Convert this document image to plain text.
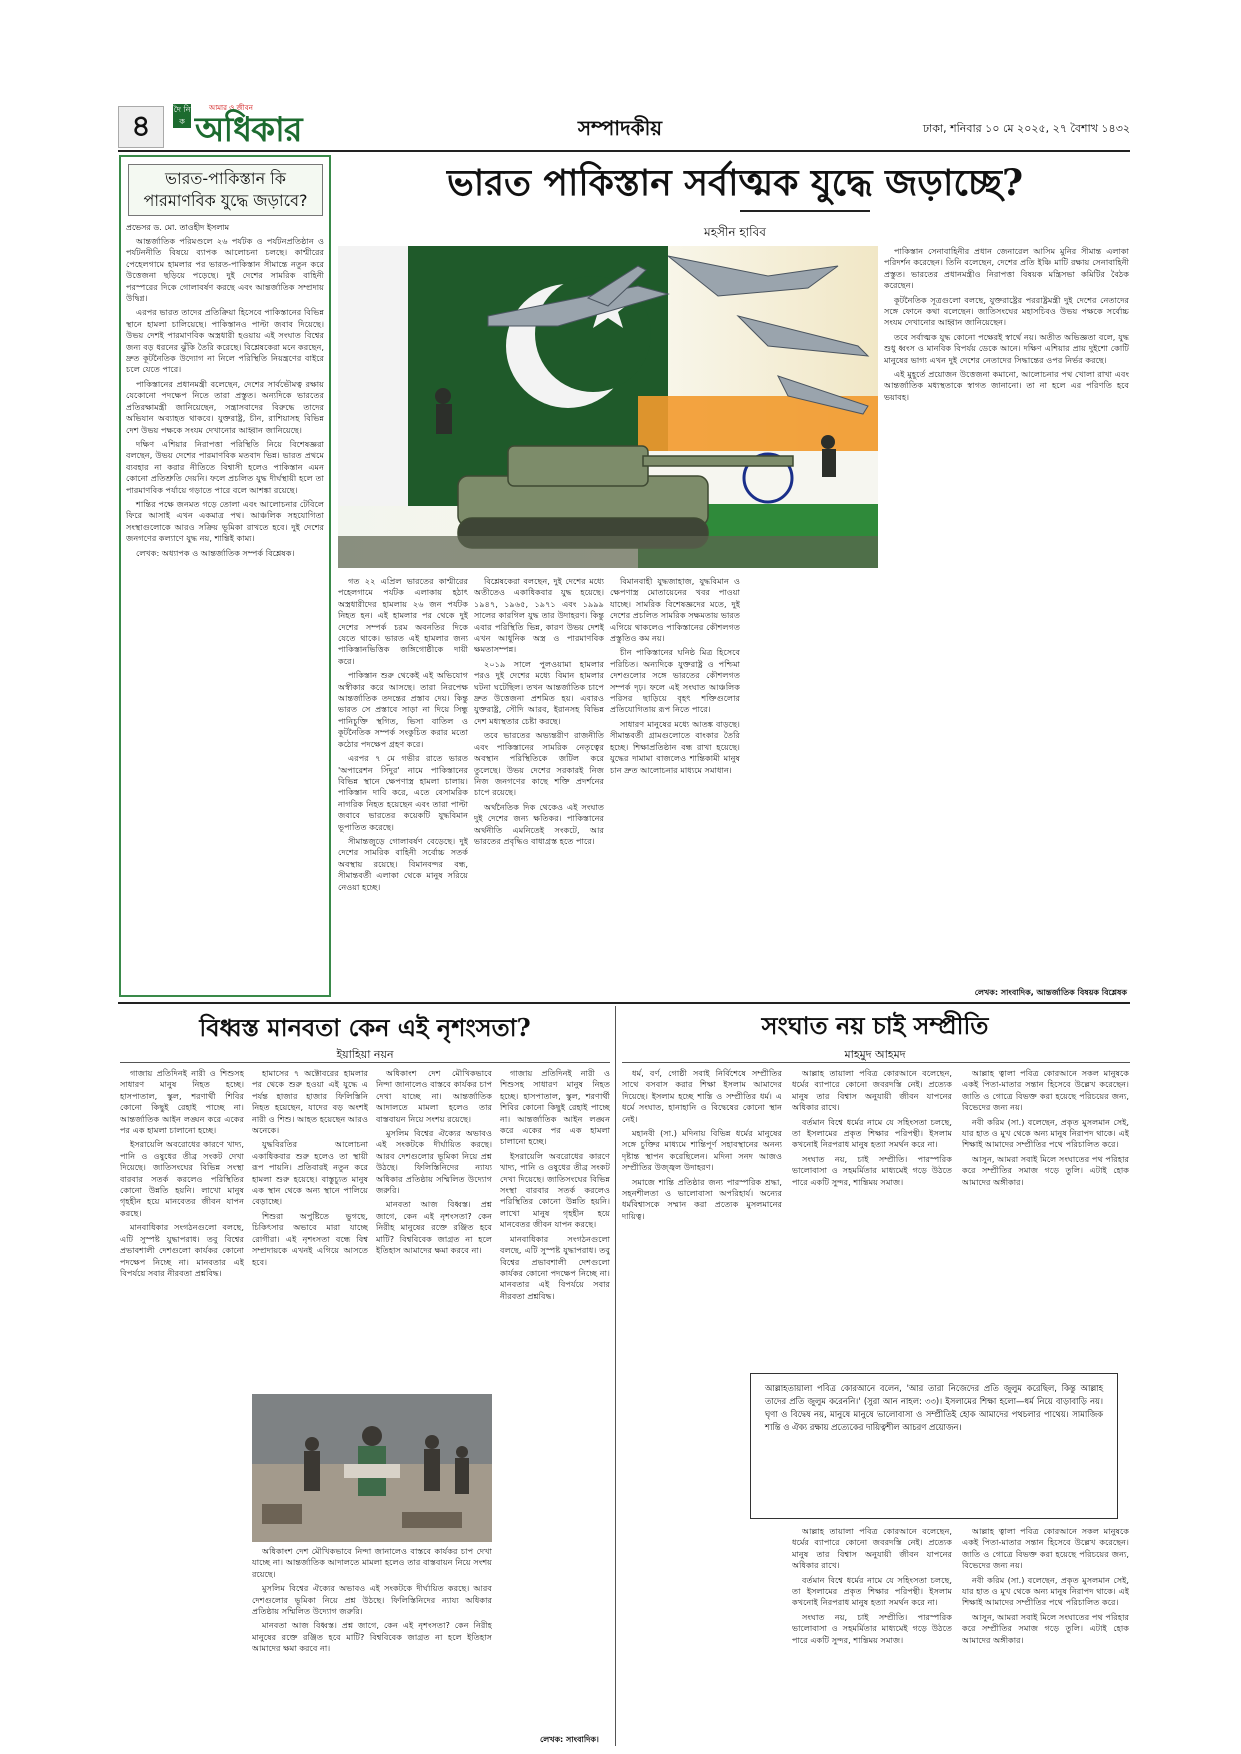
৪	দৈ নি ক
আমার ও জীবন
অধিকার	সম্পাদকীয়	ঢাকা, শনিবার ১০ মে ২০২৫, ২৭ বৈশাখ ১৪৩২
ভারত-পাকিস্তান কি
পারমাণবিক যুদ্ধে জড়াবে?
প্রভেসর ড. মো. তাওহীদ ইসলাম

আন্তর্জাতিক পরিমণ্ডলে ২৬ পর্যটক ও পর্যটনপ্রতিষ্ঠান ও পর্যটননীতি বিষয়ে ব্যাপক আলোচনা চলছে। কাশ্মীরের পেহেলগামে হামলার পর ভারত-পাকিস্তান সীমান্তে নতুন করে উত্তেজনা ছড়িয়ে পড়েছে। দুই দেশের সামরিক বাহিনী পরস্পরের দিকে গোলাবর্ষণ করছে এবং আন্তর্জাতিক সম্প্রদায় উদ্বিগ্ন।

এরপর ভারত তাদের প্রতিক্রিয়া হিসেবে পাকিস্তানের বিভিন্ন স্থানে হামলা চালিয়েছে। পাকিস্তানও পাল্টা জবাব দিয়েছে। উভয় দেশই পারমাণবিক অস্ত্রধারী হওয়ায় এই সংঘাত বিশ্বের জন্য বড় ধরনের ঝুঁকি তৈরি করেছে। বিশ্লেষকেরা মনে করছেন, দ্রুত কূটনৈতিক উদ্যোগ না নিলে পরিস্থিতি নিয়ন্ত্রণের বাইরে চলে যেতে পারে।

পাকিস্তানের প্রধানমন্ত্রী বলেছেন, দেশের সার্বভৌমত্ব রক্ষায় যেকোনো পদক্ষেপ নিতে তারা প্রস্তুত। অন্যদিকে ভারতের প্রতিরক্ষামন্ত্রী জানিয়েছেন, সন্ত্রাসবাদের বিরুদ্ধে তাদের অভিযান অব্যাহত থাকবে। যুক্তরাষ্ট্র, চীন, রাশিয়াসহ বিভিন্ন দেশ উভয় পক্ষকে সংযম দেখানোর আহ্বান জানিয়েছে।

দক্ষিণ এশিয়ার নিরাপত্তা পরিস্থিতি নিয়ে বিশেষজ্ঞরা বলছেন, উভয় দেশের পারমাণবিক মতবাদ ভিন্ন। ভারত প্রথমে ব্যবহার না করার নীতিতে বিশ্বাসী হলেও পাকিস্তান এমন কোনো প্রতিশ্রুতি দেয়নি। ফলে প্রচলিত যুদ্ধ দীর্ঘস্থায়ী হলে তা পারমাণবিক পর্যায়ে গড়াতে পারে বলে আশঙ্কা রয়েছে।

শান্তির পক্ষে জনমত গড়ে তোলা এবং আলোচনার টেবিলে ফিরে আসাই এখন একমাত্র পথ। আঞ্চলিক সহযোগিতা সংস্থাগুলোকে আরও সক্রিয় ভূমিকা রাখতে হবে। দুই দেশের জনগণের কল্যাণে যুদ্ধ নয়, শান্তিই কাম্য।

লেখক: অধ্যাপক ও আন্তর্জাতিক সম্পর্ক বিশ্লেষক।

ভারত পাকিস্তান সর্বাত্মক যুদ্ধে জড়াচ্ছে?
মহসীন হাবিব

গত ২২ এপ্রিল ভারতের কাশ্মীরের পহেলগামে পর্যটক এলাকায় হঠাৎ অস্ত্রধারীদের হামলায় ২৬ জন পর্যটক নিহত হন। এই হামলার পর থেকে দুই দেশের সম্পর্ক চরম অবনতির দিকে যেতে থাকে। ভারত এই হামলার জন্য পাকিস্তানভিত্তিক জঙ্গিগোষ্ঠীকে দায়ী করে।

পাকিস্তান শুরু থেকেই এই অভিযোগ অস্বীকার করে আসছে। তারা নিরপেক্ষ আন্তর্জাতিক তদন্তের প্রস্তাব দেয়। কিন্তু ভারত সে প্রস্তাবে সাড়া না দিয়ে সিন্ধু পানিচুক্তি স্থগিত, ভিসা বাতিল ও কূটনৈতিক সম্পর্ক সংকুচিত করার মতো কঠোর পদক্ষেপ গ্রহণ করে।

এরপর ৭ মে গভীর রাতে ভারত 'অপারেশন সিঁদুর' নামে পাকিস্তানের বিভিন্ন স্থানে ক্ষেপণাস্ত্র হামলা চালায়। পাকিস্তান দাবি করে, এতে বেসামরিক নাগরিক নিহত হয়েছেন এবং তারা পাল্টা জবাবে ভারতের কয়েকটি যুদ্ধবিমান ভূপাতিত করেছে।

সীমান্তজুড়ে গোলাবর্ষণ বেড়েছে। দুই দেশের সামরিক বাহিনী সর্বোচ্চ সতর্ক অবস্থায় রয়েছে। বিমানবন্দর বন্ধ, সীমান্তবর্তী এলাকা থেকে মানুষ সরিয়ে নেওয়া হচ্ছে।

বিশ্লেষকেরা বলছেন, দুই দেশের মধ্যে অতীতেও একাধিকবার যুদ্ধ হয়েছে। ১৯৪৭, ১৯৬৫, ১৯৭১ এবং ১৯৯৯ সালের কারগিল যুদ্ধ তার উদাহরণ। কিন্তু এবার পরিস্থিতি ভিন্ন, কারণ উভয় দেশই এখন আধুনিক অস্ত্র ও পারমাণবিক ক্ষমতাসম্পন্ন।

২০১৯ সালে পুলওয়ামা হামলার পরও দুই দেশের মধ্যে বিমান হামলার ঘটনা ঘটেছিল। তখন আন্তর্জাতিক চাপে দ্রুত উত্তেজনা প্রশমিত হয়। এবারও যুক্তরাষ্ট্র, সৌদি আরব, ইরানসহ বিভিন্ন দেশ মধ্যস্থতার চেষ্টা করছে।

তবে ভারতের অভ্যন্তরীণ রাজনীতি এবং পাকিস্তানের সামরিক নেতৃত্বের অবস্থান পরিস্থিতিকে জটিল করে তুলেছে। উভয় দেশের সরকারই নিজ নিজ জনগণের কাছে শক্তি প্রদর্শনের চাপে রয়েছে।

অর্থনৈতিক দিক থেকেও এই সংঘাত দুই দেশের জন্য ক্ষতিকর। পাকিস্তানের অর্থনীতি এমনিতেই সংকটে, আর ভারতের প্রবৃদ্ধিও বাধাগ্রস্ত হতে পারে।

বিমানবাহী যুদ্ধজাহাজ, যুদ্ধবিমান ও ক্ষেপণাস্ত্র মোতায়েনের খবর পাওয়া যাচ্ছে। সামরিক বিশেষজ্ঞদের মতে, দুই দেশের প্রচলিত সামরিক সক্ষমতায় ভারত এগিয়ে থাকলেও পাকিস্তানের কৌশলগত প্রস্তুতিও কম নয়।

চীন পাকিস্তানের ঘনিষ্ঠ মিত্র হিসেবে পরিচিত। অন্যদিকে যুক্তরাষ্ট্র ও পশ্চিমা দেশগুলোর সঙ্গে ভারতের কৌশলগত সম্পর্ক দৃঢ়। ফলে এই সংঘাত আঞ্চলিক পরিসর ছাড়িয়ে বৃহৎ শক্তিগুলোর প্রতিযোগিতায় রূপ নিতে পারে।

সাধারণ মানুষের মধ্যে আতঙ্ক বাড়ছে। সীমান্তবর্তী গ্রামগুলোতে বাংকার তৈরি হচ্ছে। শিক্ষাপ্রতিষ্ঠান বন্ধ রাখা হয়েছে। যুদ্ধের দামামা বাজলেও শান্তিকামী মানুষ চান দ্রুত আলোচনার মাধ্যমে সমাধান।

পাকিস্তান সেনাবাহিনীর প্রধান জেনারেল আসিম মুনির সীমান্ত এলাকা পরিদর্শন করেছেন। তিনি বলেছেন, দেশের প্রতি ইঞ্চি মাটি রক্ষায় সেনাবাহিনী প্রস্তুত। ভারতের প্রধানমন্ত্রীও নিরাপত্তা বিষয়ক মন্ত্রিসভা কমিটির বৈঠক করেছেন।

কূটনৈতিক সূত্রগুলো বলছে, যুক্তরাষ্ট্রের পররাষ্ট্রমন্ত্রী দুই দেশের নেতাদের সঙ্গে ফোনে কথা বলেছেন। জাতিসংঘের মহাসচিবও উভয় পক্ষকে সর্বোচ্চ সংযম দেখানোর আহ্বান জানিয়েছেন।

তবে সর্বাত্মক যুদ্ধ কোনো পক্ষেরই স্বার্থে নয়। অতীত অভিজ্ঞতা বলে, যুদ্ধ শুধু ধ্বংস ও মানবিক বিপর্যয় ডেকে আনে। দক্ষিণ এশিয়ার প্রায় দুইশো কোটি মানুষের ভাগ্য এখন দুই দেশের নেতাদের সিদ্ধান্তের ওপর নির্ভর করছে।

এই মুহূর্তে প্রয়োজন উত্তেজনা কমানো, আলোচনার পথ খোলা রাখা এবং আন্তর্জাতিক মধ্যস্থতাকে স্বাগত জানানো। তা না হলে এর পরিণতি হবে ভয়াবহ।

লেখক: সাংবাদিক, আন্তর্জাতিক বিষয়ক বিশ্লেষক
বিধ্বস্ত মানবতা কেন এই নৃশংসতা?
ইয়াহিয়া নয়ন

গাজায় প্রতিদিনই নারী ও শিশুসহ সাধারণ মানুষ নিহত হচ্ছে। হাসপাতাল, স্কুল, শরণার্থী শিবির কোনো কিছুই রেহাই পাচ্ছে না। আন্তর্জাতিক আইন লঙ্ঘন করে একের পর এক হামলা চালানো হচ্ছে।

ইসরায়েলি অবরোধের কারণে খাদ্য, পানি ও ওষুধের তীব্র সংকট দেখা দিয়েছে। জাতিসংঘের বিভিন্ন সংস্থা বারবার সতর্ক করলেও পরিস্থিতির কোনো উন্নতি হয়নি। লাখো মানুষ গৃহহীন হয়ে মানবেতর জীবন যাপন করছে।

মানবাধিকার সংগঠনগুলো বলছে, এটি সুস্পষ্ট যুদ্ধাপরাধ। তবু বিশ্বের প্রভাবশালী দেশগুলো কার্যকর কোনো পদক্ষেপ নিচ্ছে না। মানবতার এই বিপর্যয়ে সবার নীরবতা প্রশ্নবিদ্ধ।

হামাসের ৭ অক্টোবরের হামলার পর থেকে শুরু হওয়া এই যুদ্ধে এ পর্যন্ত হাজার হাজার ফিলিস্তিনি নিহত হয়েছেন, যাদের বড় অংশই নারী ও শিশু। আহত হয়েছেন আরও অনেকে।

যুদ্ধবিরতির আলোচনা একাধিকবার শুরু হলেও তা স্থায়ী রূপ পায়নি। প্রতিবারই নতুন করে হামলা শুরু হয়েছে। বাস্তুচ্যুত মানুষ এক স্থান থেকে অন্য স্থানে পালিয়ে বেড়াচ্ছে।

শিশুরা অপুষ্টিতে ভুগছে, চিকিৎসার অভাবে মারা যাচ্ছে রোগীরা। এই নৃশংসতা বন্ধে বিশ্ব সম্প্রদায়কে এখনই এগিয়ে আসতে হবে।

অধিকাংশ দেশ মৌখিকভাবে নিন্দা জানালেও বাস্তবে কার্যকর চাপ দেখা যাচ্ছে না। আন্তর্জাতিক আদালতে মামলা হলেও তার বাস্তবায়ন নিয়ে সংশয় রয়েছে।

মুসলিম বিশ্বের ঐক্যের অভাবও এই সংকটকে দীর্ঘায়িত করছে। আরব দেশগুলোর ভূমিকা নিয়ে প্রশ্ন উঠছে। ফিলিস্তিনিদের ন্যায্য অধিকার প্রতিষ্ঠায় সম্মিলিত উদ্যোগ জরুরি।

মানবতা আজ বিধ্বস্ত। প্রশ্ন জাগে, কেন এই নৃশংসতা? কেন নিরীহ মানুষের রক্তে রঞ্জিত হবে মাটি? বিশ্ববিবেক জাগ্রত না হলে ইতিহাস আমাদের ক্ষমা করবে না।

গাজায় প্রতিদিনই নারী ও শিশুসহ সাধারণ মানুষ নিহত হচ্ছে। হাসপাতাল, স্কুল, শরণার্থী শিবির কোনো কিছুই রেহাই পাচ্ছে না। আন্তর্জাতিক আইন লঙ্ঘন করে একের পর এক হামলা চালানো হচ্ছে।

ইসরায়েলি অবরোধের কারণে খাদ্য, পানি ও ওষুধের তীব্র সংকট দেখা দিয়েছে। জাতিসংঘের বিভিন্ন সংস্থা বারবার সতর্ক করলেও পরিস্থিতির কোনো উন্নতি হয়নি। লাখো মানুষ গৃহহীন হয়ে মানবেতর জীবন যাপন করছে।

মানবাধিকার সংগঠনগুলো বলছে, এটি সুস্পষ্ট যুদ্ধাপরাধ। তবু বিশ্বের প্রভাবশালী দেশগুলো কার্যকর কোনো পদক্ষেপ নিচ্ছে না। মানবতার এই বিপর্যয়ে সবার নীরবতা প্রশ্নবিদ্ধ।

অধিকাংশ দেশ মৌখিকভাবে নিন্দা জানালেও বাস্তবে কার্যকর চাপ দেখা যাচ্ছে না। আন্তর্জাতিক আদালতে মামলা হলেও তার বাস্তবায়ন নিয়ে সংশয় রয়েছে।

মুসলিম বিশ্বের ঐক্যের অভাবও এই সংকটকে দীর্ঘায়িত করছে। আরব দেশগুলোর ভূমিকা নিয়ে প্রশ্ন উঠছে। ফিলিস্তিনিদের ন্যায্য অধিকার প্রতিষ্ঠায় সম্মিলিত উদ্যোগ জরুরি।

মানবতা আজ বিধ্বস্ত। প্রশ্ন জাগে, কেন এই নৃশংসতা? কেন নিরীহ মানুষের রক্তে রঞ্জিত হবে মাটি? বিশ্ববিবেক জাগ্রত না হলে ইতিহাস আমাদের ক্ষমা করবে না।

লেখক: সাংবাদিক।
সংঘাত নয় চাই সম্প্রীতি
মাহমুদ আহমদ

ধর্ম, বর্ণ, গোষ্ঠী সবাই নির্বিশেষে সম্প্রীতির সাথে বসবাস করার শিক্ষা ইসলাম আমাদের দিয়েছে। ইসলাম হচ্ছে শান্তি ও সম্প্রীতির ধর্ম। এ ধর্মে সংঘাত, হানাহানি ও বিদ্বেষের কোনো স্থান নেই।

মহানবী (সা.) মদিনায় বিভিন্ন ধর্মের মানুষের সঙ্গে চুক্তির মাধ্যমে শান্তিপূর্ণ সহাবস্থানের অনন্য দৃষ্টান্ত স্থাপন করেছিলেন। মদিনা সনদ আজও সম্প্রীতির উজ্জ্বল উদাহরণ।

সমাজে শান্তি প্রতিষ্ঠার জন্য পারস্পরিক শ্রদ্ধা, সহনশীলতা ও ভালোবাসা অপরিহার্য। অন্যের ধর্মবিশ্বাসকে সম্মান করা প্রত্যেক মুসলমানের দায়িত্ব।

আল্লাহ তায়ালা পবিত্র কোরআনে বলেছেন, ধর্মের ব্যাপারে কোনো জবরদস্তি নেই। প্রত্যেক মানুষ তার বিশ্বাস অনুযায়ী জীবন যাপনের অধিকার রাখে।

বর্তমান বিশ্বে ধর্মের নামে যে সহিংসতা চলছে, তা ইসলামের প্রকৃত শিক্ষার পরিপন্থী। ইসলাম কখনোই নিরপরাধ মানুষ হত্যা সমর্থন করে না।

সংঘাত নয়, চাই সম্প্রীতি। পারস্পরিক ভালোবাসা ও সহমর্মিতার মাধ্যমেই গড়ে উঠতে পারে একটি সুন্দর, শান্তিময় সমাজ।

আল্লাহ ত্বালা পবিত্র কোরআনে সকল মানুষকে একই পিতা-মাতার সন্তান হিসেবে উল্লেখ করেছেন। জাতি ও গোত্রে বিভক্ত করা হয়েছে পরিচয়ের জন্য, বিভেদের জন্য নয়।

নবী করিম (সা.) বলেছেন, প্রকৃত মুসলমান সেই, যার হাত ও মুখ থেকে অন্য মানুষ নিরাপদ থাকে। এই শিক্ষাই আমাদের সম্প্রীতির পথে পরিচালিত করে।

আসুন, আমরা সবাই মিলে সংঘাতের পথ পরিহার করে সম্প্রীতির সমাজ গড়ে তুলি। এটাই হোক আমাদের অঙ্গীকার।

আল্লাহতায়ালা পবিত্র কোরআনে বলেন, 'আর তারা নিজেদের প্রতি জুলুম করেছিল, কিন্তু আল্লাহ তাদের প্রতি জুলুম করেননি।' (সুরা আন নাহল: ৩৩)। ইসলামের শিক্ষা হলো—ধর্ম নিয়ে বাড়াবাড়ি নয়। ঘৃণা ও বিদ্বেষ নয়, মানুষে মানুষে ভালোবাসা ও সম্প্রীতিই হোক আমাদের পথচলার পাথেয়। সামাজিক শান্তি ও ঐক্য রক্ষায় প্রত্যেকের দায়িত্বশীল আচরণ প্রয়োজন।

আল্লাহ তায়ালা পবিত্র কোরআনে বলেছেন, ধর্মের ব্যাপারে কোনো জবরদস্তি নেই। প্রত্যেক মানুষ তার বিশ্বাস অনুযায়ী জীবন যাপনের অধিকার রাখে।

বর্তমান বিশ্বে ধর্মের নামে যে সহিংসতা চলছে, তা ইসলামের প্রকৃত শিক্ষার পরিপন্থী। ইসলাম কখনোই নিরপরাধ মানুষ হত্যা সমর্থন করে না।

সংঘাত নয়, চাই সম্প্রীতি। পারস্পরিক ভালোবাসা ও সহমর্মিতার মাধ্যমেই গড়ে উঠতে পারে একটি সুন্দর, শান্তিময় সমাজ।

আল্লাহ ত্বালা পবিত্র কোরআনে সকল মানুষকে একই পিতা-মাতার সন্তান হিসেবে উল্লেখ করেছেন। জাতি ও গোত্রে বিভক্ত করা হয়েছে পরিচয়ের জন্য, বিভেদের জন্য নয়।

নবী করিম (সা.) বলেছেন, প্রকৃত মুসলমান সেই, যার হাত ও মুখ থেকে অন্য মানুষ নিরাপদ থাকে। এই শিক্ষাই আমাদের সম্প্রীতির পথে পরিচালিত করে।

আসুন, আমরা সবাই মিলে সংঘাতের পথ পরিহার করে সম্প্রীতির সমাজ গড়ে তুলি। এটাই হোক আমাদের অঙ্গীকার।
